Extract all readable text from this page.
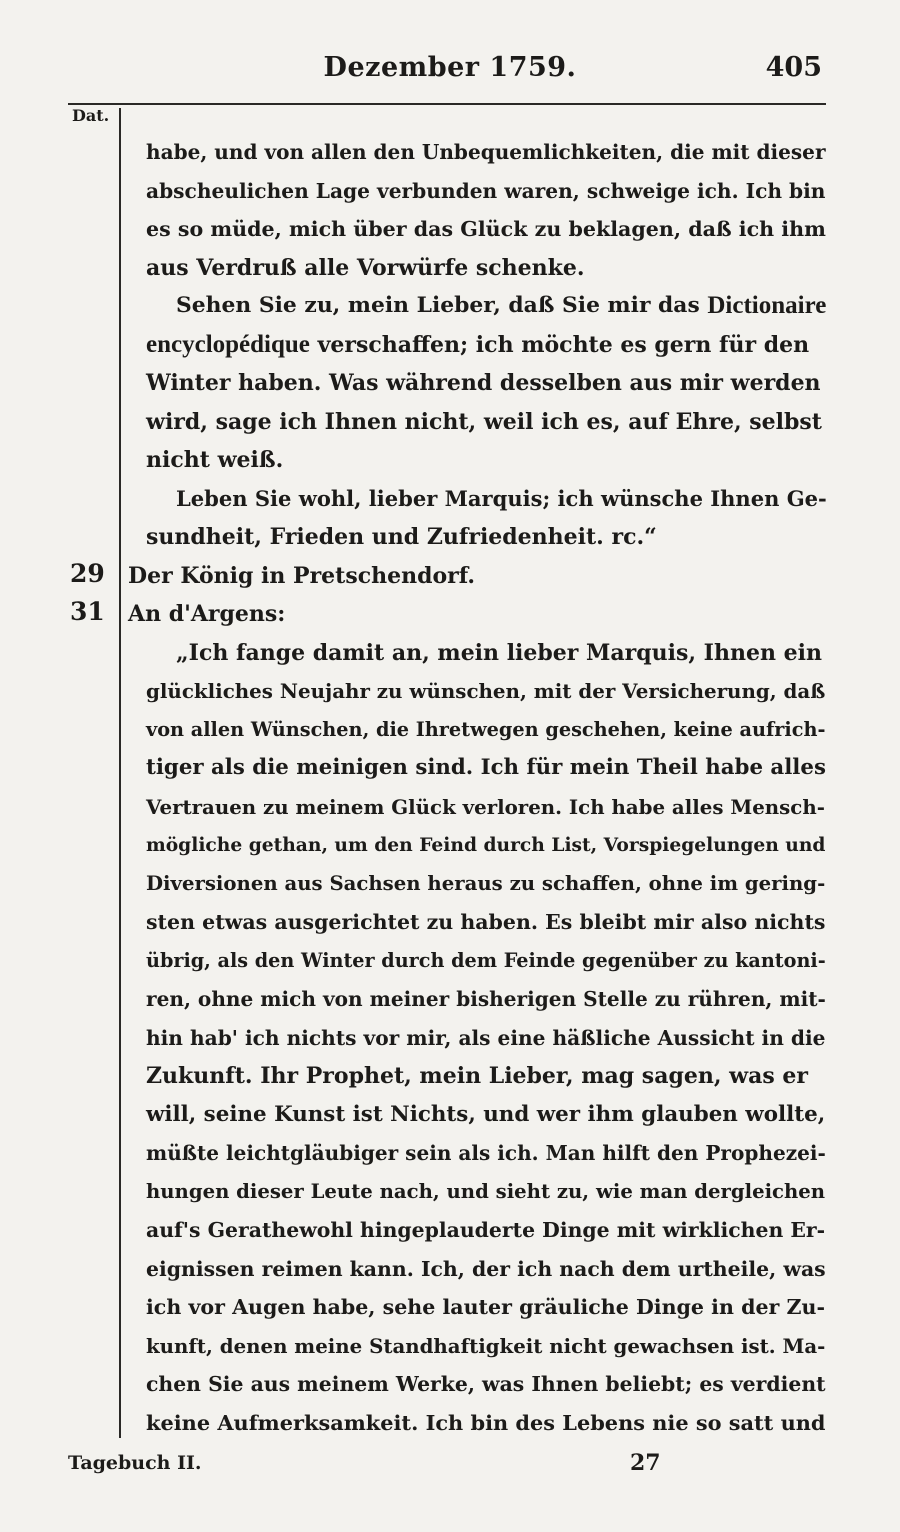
Dezember 1759.	405
Dat.
29
31
habe, und von allen den Unbequemlichkeiten, die mit dieser
abscheulichen Lage verbunden waren, schweige ich. Ich bin
es so müde, mich über das Glück zu beklagen, daß ich ihm
aus Verdruß alle Vorwürfe schenke.
Sehen Sie zu, mein Lieber, daß Sie mir das
Dictionaire
encyclopédique
verschaffen; ich möchte es gern für den
Winter haben. Was während desselben aus mir werden
wird, sage ich Ihnen nicht, weil ich es, auf Ehre, selbst
nicht weiß.
Leben Sie wohl, lieber Marquis; ich wünsche Ihnen Ge-
sundheit, Frieden und Zufriedenheit. rc.“
Der König in Pretschendorf.
An d'Argens:
„Ich fange damit an, mein lieber Marquis, Ihnen ein
glückliches Neujahr zu wünschen, mit der Versicherung, daß
von allen Wünschen, die Ihretwegen geschehen, keine aufrich-
tiger als die meinigen sind. Ich für mein Theil habe alles
Vertrauen zu meinem Glück verloren. Ich habe alles Mensch-
mögliche gethan, um den Feind durch List, Vorspiegelungen und
Diversionen aus Sachsen heraus zu schaffen, ohne im gering-
sten etwas ausgerichtet zu haben. Es bleibt mir also nichts
übrig, als den Winter durch dem Feinde gegenüber zu kantoni-
ren, ohne mich von meiner bisherigen Stelle zu rühren, mit-
hin hab' ich nichts vor mir, als eine häßliche Aussicht in die
Zukunft. Ihr Prophet, mein Lieber, mag sagen, was er
will, seine Kunst ist Nichts, und wer ihm glauben wollte,
müßte leichtgläubiger sein als ich. Man hilft den Prophezei-
hungen dieser Leute nach, und sieht zu, wie man dergleichen
auf's Gerathewohl hingeplauderte Dinge mit wirklichen Er-
eignissen reimen kann. Ich, der ich nach dem urtheile, was
ich vor Augen habe, sehe lauter gräuliche Dinge in der Zu-
kunft, denen meine Standhaftigkeit nicht gewachsen ist. Ma-
chen Sie aus meinem Werke, was Ihnen beliebt; es verdient
keine Aufmerksamkeit. Ich bin des Lebens nie so satt und
Tagebuch II.	27
